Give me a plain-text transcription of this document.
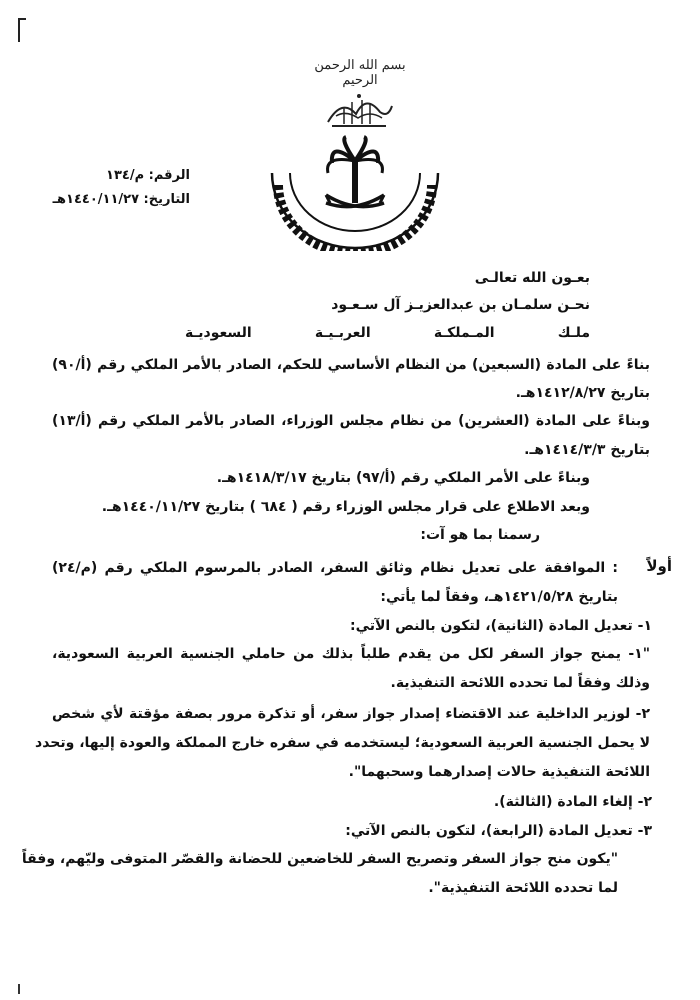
بسم الله الرحمن الرحيم
الرقم: م/١٣٤
التاريخ: ١٤٤٠/١١/٢٧هـ
بعـون الله تعالـى
نحـن سلمـان بن عبدالعزيـز آل سـعـود
ملـك المـملكـة العربـيـة السعوديـة
بناءً على المادة (السبعين) من النظام الأساسي للحكم، الصادر بالأمر الملكي رقم (أ/٩٠)
بتاريخ ١٤١٢/٨/٢٧هـ.
وبناءً على المادة (العشرين) من نظام مجلس الوزراء، الصادر بالأمر الملكي رقم (أ/١٣)
بتاريخ ١٤١٤/٣/٣هـ.
وبناءً على الأمر الملكي رقم (أ/٩٧) بتاريخ ١٤١٨/٣/١٧هـ.
وبعد الاطلاع على قرار مجلس الوزراء رقم ( ٦٨٤ ) بتاريخ ١٤٤٠/١١/٢٧هـ.
رسمنا بما هو آت:
أولاً
: الموافقة على تعديل نظام وثائق السفر، الصادر بالمرسوم الملكي رقم (م/٢٤)
بتاريخ ١٤٢١/٥/٢٨هـ، وفقاً لما يأتي:
١- تعديل المادة (الثانية)، لتكون بالنص الآتي:
"١- يمنح جواز السفر لكل من يقدم طلباً بذلك من حاملي الجنسية العربية السعودية،
وذلك وفقاً لما تحدده اللائحة التنفيذية.
٢- لوزير الداخلية عند الاقتضاء إصدار جواز سفر، أو تذكرة مرور بصفة مؤقتة لأي شخص
لا يحمل الجنسية العربية السعودية؛ ليستخدمه في سفره خارج المملكة والعودة إليها، وتحدد
اللائحة التنفيذية حالات إصدارهما وسحبهما".
٢- إلغاء المادة (الثالثة).
٣- تعديل المادة (الرابعة)، لتكون بالنص الآتي:
"يكون منح جواز السفر وتصريح السفر للخاضعين للحضانة والقصّر المتوفى وليّهم، وفقاً
لما تحدده اللائحة التنفيذية".
